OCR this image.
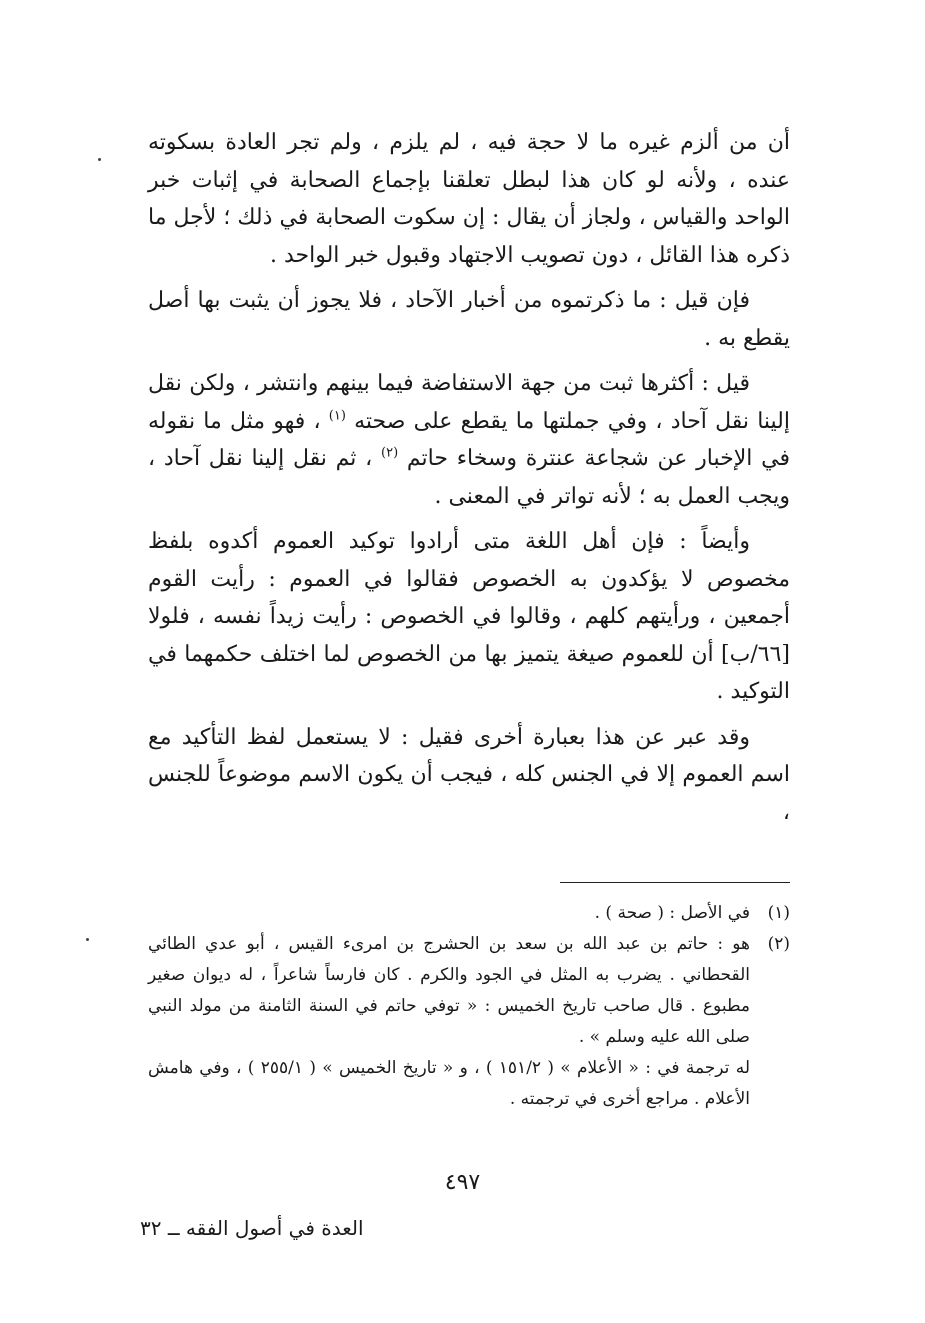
أن من ألزم غيره ما لا حجة فيه ، لم يلزم ، ولم تجر العادة بسكوته عنده ، ولأنه لو كان هذا لبطل تعلقنا بإجماع الصحابة في إثبات خبر الواحد والقياس ، ولجاز أن يقال : إن سكوت الصحابة في ذلك ؛ لأجل ما ذكره هذا القائل ، دون تصويب الاجتهاد وقبول خبر الواحد .

فإن قيل : ما ذكرتموه من أخبار الآحاد ، فلا يجوز أن يثبت بها أصل يقطع به .

قيل : أكثرها ثبت من جهة الاستفاضة فيما بينهم وانتشر ، ولكن نقل إلينا نقل آحاد ، وفي جملتها ما يقطع على صحته $^{(١)}$ ، فهو مثل ما نقوله في الإخبار عن شجاعة عنترة وسخاء حاتم $^{(٢)}$ ، ثم نقل إلينا نقل آحاد ، ويجب العمل به ؛ لأنه تواتر في المعنى .

وأيضاً : فإن أهل اللغة متى أرادوا توكيد العموم أكدوه بلفظ مخصوص لا يؤكدون به الخصوص فقالوا في العموم : رأيت القوم أجمعين ، ورأيتهم كلهم ، وقالوا في الخصوص : رأيت زيداً نفسه ، فلولا [٦٦/ب] أن للعموم صيغة يتميز بها من الخصوص لما اختلف حكمهما في التوكيد .

وقد عبر عن هذا بعبارة أخرى فقيل : لا يستعمل لفظ التأكيد مع اسم العموم إلا في الجنس كله ، فيجب أن يكون الاسم موضوعاً للجنس ،

(١)
في الأصل : ( صحة ) .
(٢)
هو : حاتم بن عبد الله بن سعد بن الحشرج بن امرىء القيس ، أبو عدي الطائي القحطاني . يضرب به المثل في الجود والكرم . كان فارساً شاعراً ، له ديوان صغير مطبوع . قال صاحب تاريخ الخميس : « توفي حاتم في السنة الثامنة من مولد النبي صلى الله عليه وسلم » .
له ترجمة في : « الأعلام » ( ١٥١/٢ ) ، و « تاريخ الخميس » ( ٢٥٥/١ ) ، وفي هامش الأعلام . مراجع أخرى في ترجمته .
٤٩٧
العدة في أصول الفقه ــ ٣٢
